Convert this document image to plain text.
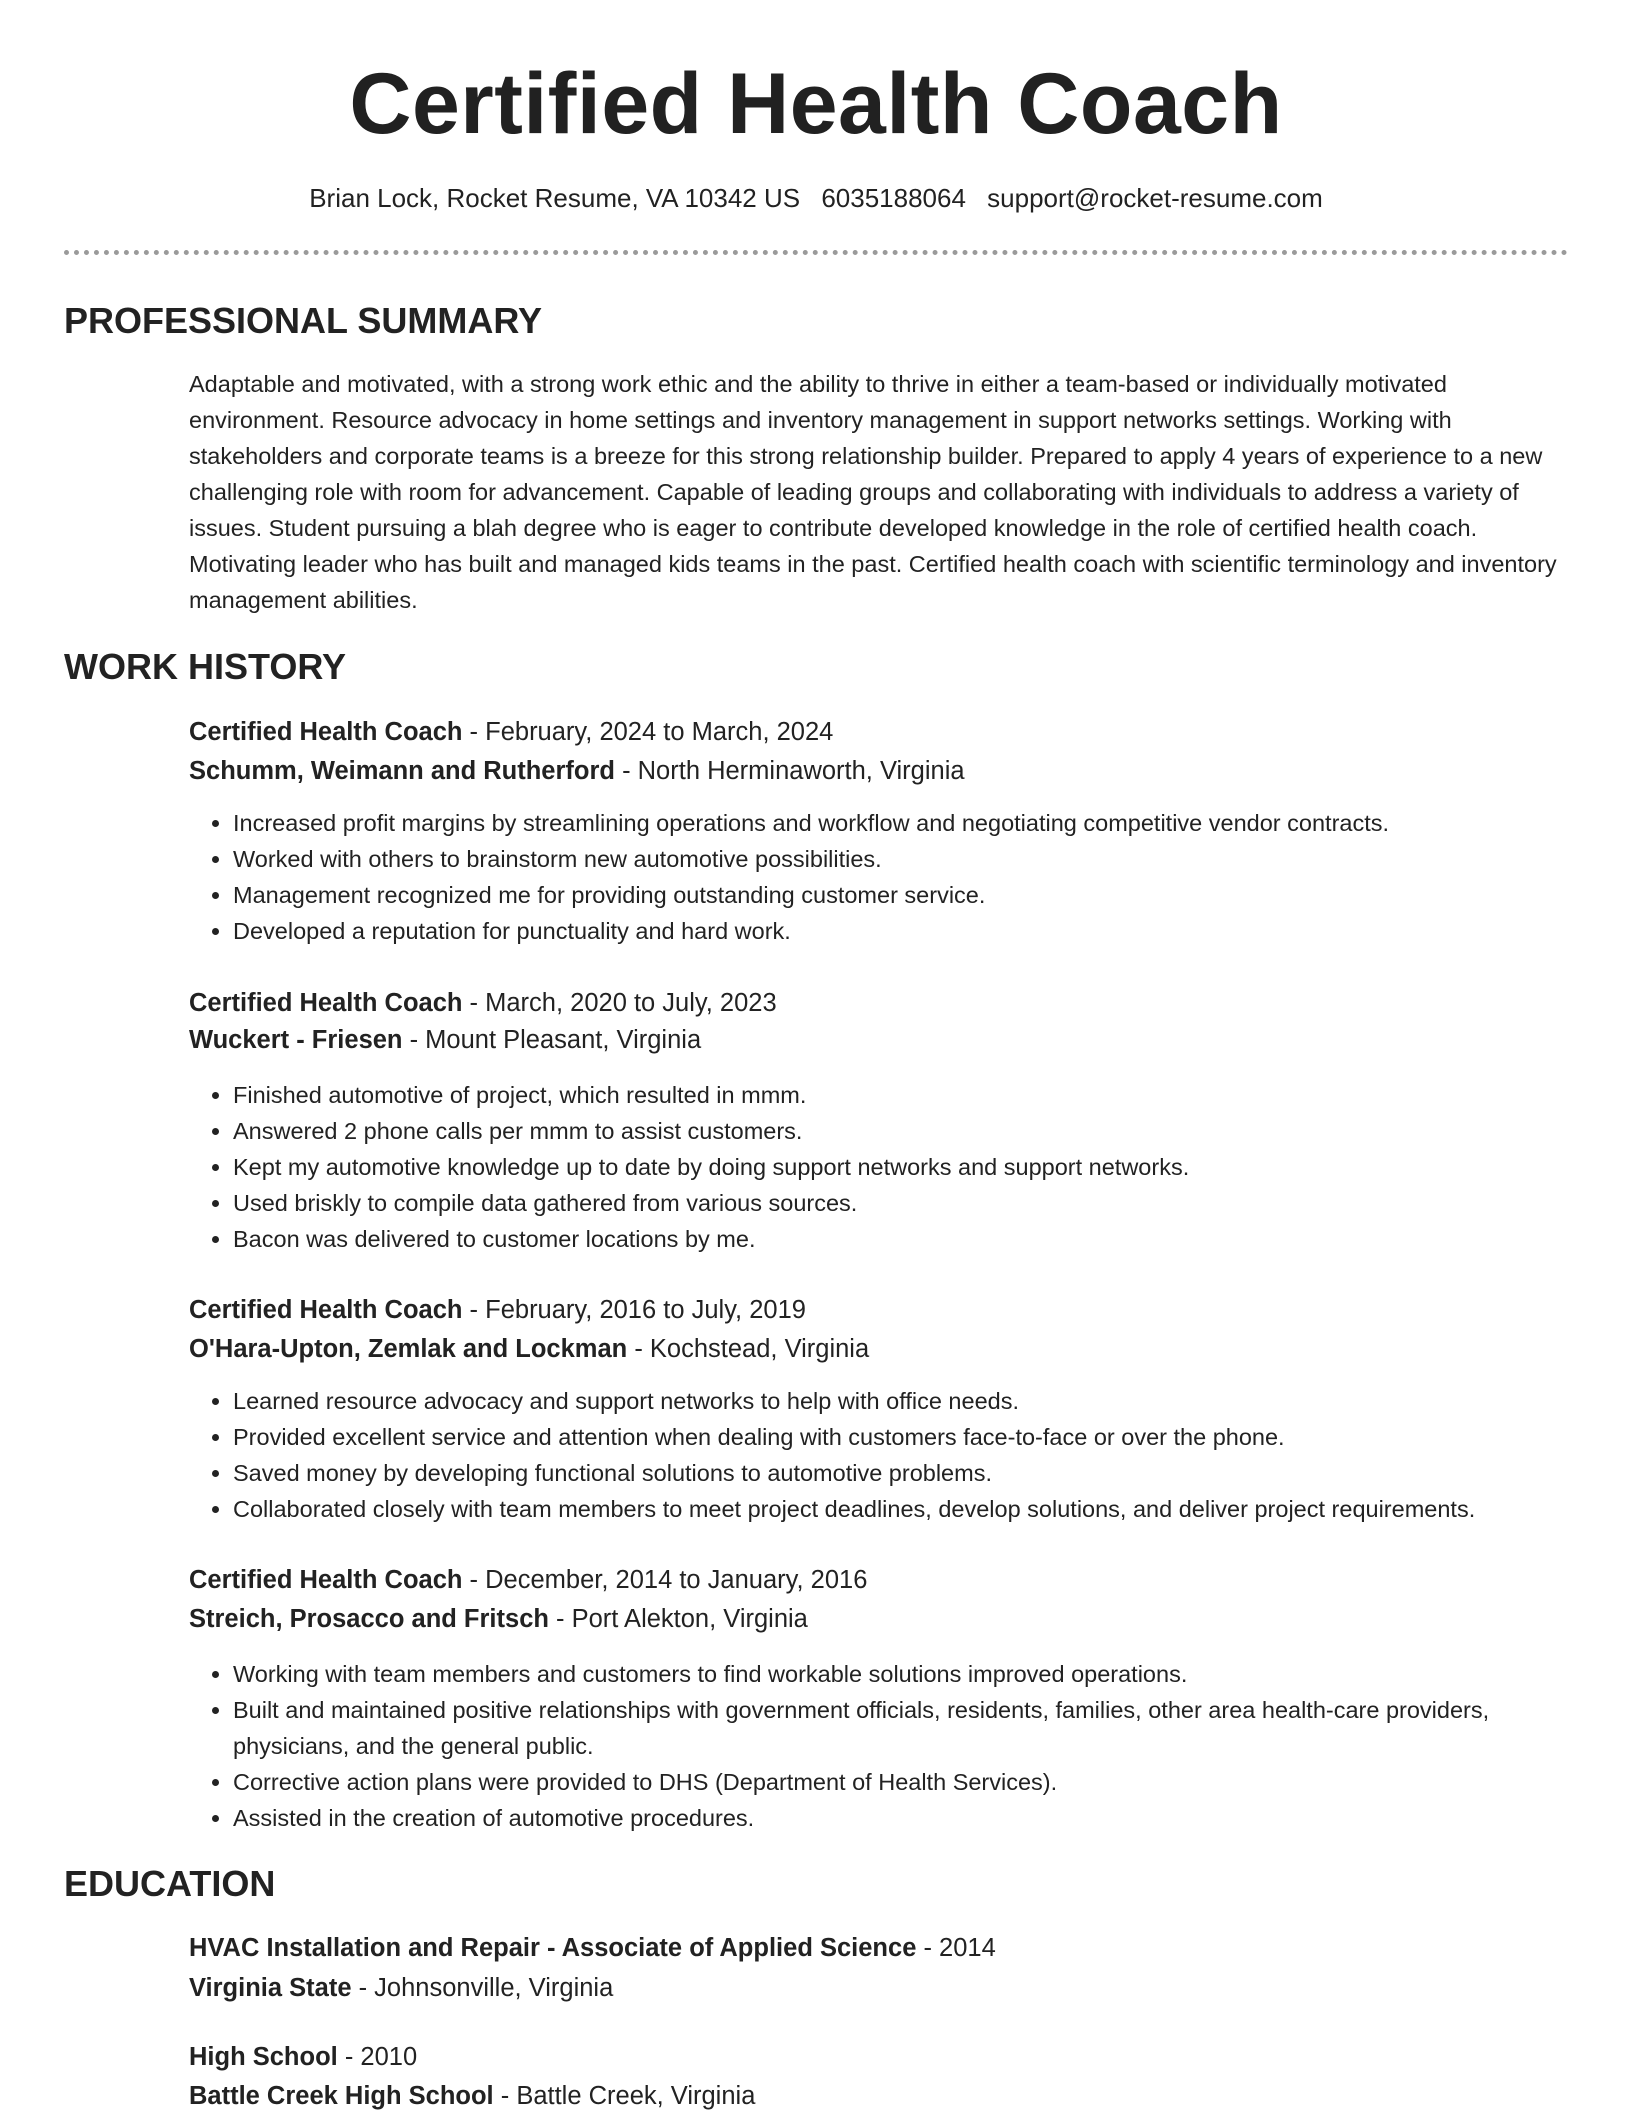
Certified Health Coach
Brian Lock, Rocket Resume, VA 10342 US 6035188064 support@rocket-resume.com
PROFESSIONAL SUMMARY
Adaptable and motivated, with a strong work ethic and the ability to thrive in either a team-based or individually motivated environment. Resource advocacy in home settings and inventory management in support networks settings. Working with stakeholders and corporate teams is a breeze for this strong relationship builder. Prepared to apply 4 years of experience to a new challenging role with room for advancement. Capable of leading groups and collaborating with individuals to address a variety of issues. Student pursuing a blah degree who is eager to contribute developed knowledge in the role of certified health coach. Motivating leader who has built and managed kids teams in the past. Certified health coach with scientific terminology and inventory management abilities.
WORK HISTORY
Certified Health Coach - February, 2024 to March, 2024
Schumm, Weimann and Rutherford - North Herminaworth, Virginia
• Increased profit margins by streamlining operations and workflow and negotiating competitive vendor contracts.
• Worked with others to brainstorm new automotive possibilities.
• Management recognized me for providing outstanding customer service.
• Developed a reputation for punctuality and hard work.
Certified Health Coach - March, 2020 to July, 2023
Wuckert - Friesen - Mount Pleasant, Virginia
• Finished automotive of project, which resulted in mmm.
• Answered 2 phone calls per mmm to assist customers.
• Kept my automotive knowledge up to date by doing support networks and support networks.
• Used briskly to compile data gathered from various sources.
• Bacon was delivered to customer locations by me.
Certified Health Coach - February, 2016 to July, 2019
O'Hara-Upton, Zemlak and Lockman - Kochstead, Virginia
• Learned resource advocacy and support networks to help with office needs.
• Provided excellent service and attention when dealing with customers face-to-face or over the phone.
• Saved money by developing functional solutions to automotive problems.
• Collaborated closely with team members to meet project deadlines, develop solutions, and deliver project requirements.
Certified Health Coach - December, 2014 to January, 2016
Streich, Prosacco and Fritsch - Port Alekton, Virginia
• Working with team members and customers to find workable solutions improved operations.
• Built and maintained positive relationships with government officials, residents, families, other area health-care providers, physicians, and the general public.
• Corrective action plans were provided to DHS (Department of Health Services).
• Assisted in the creation of automotive procedures.
EDUCATION
HVAC Installation and Repair - Associate of Applied Science - 2014
Virginia State - Johnsonville, Virginia
High School - 2010
Battle Creek High School - Battle Creek, Virginia
